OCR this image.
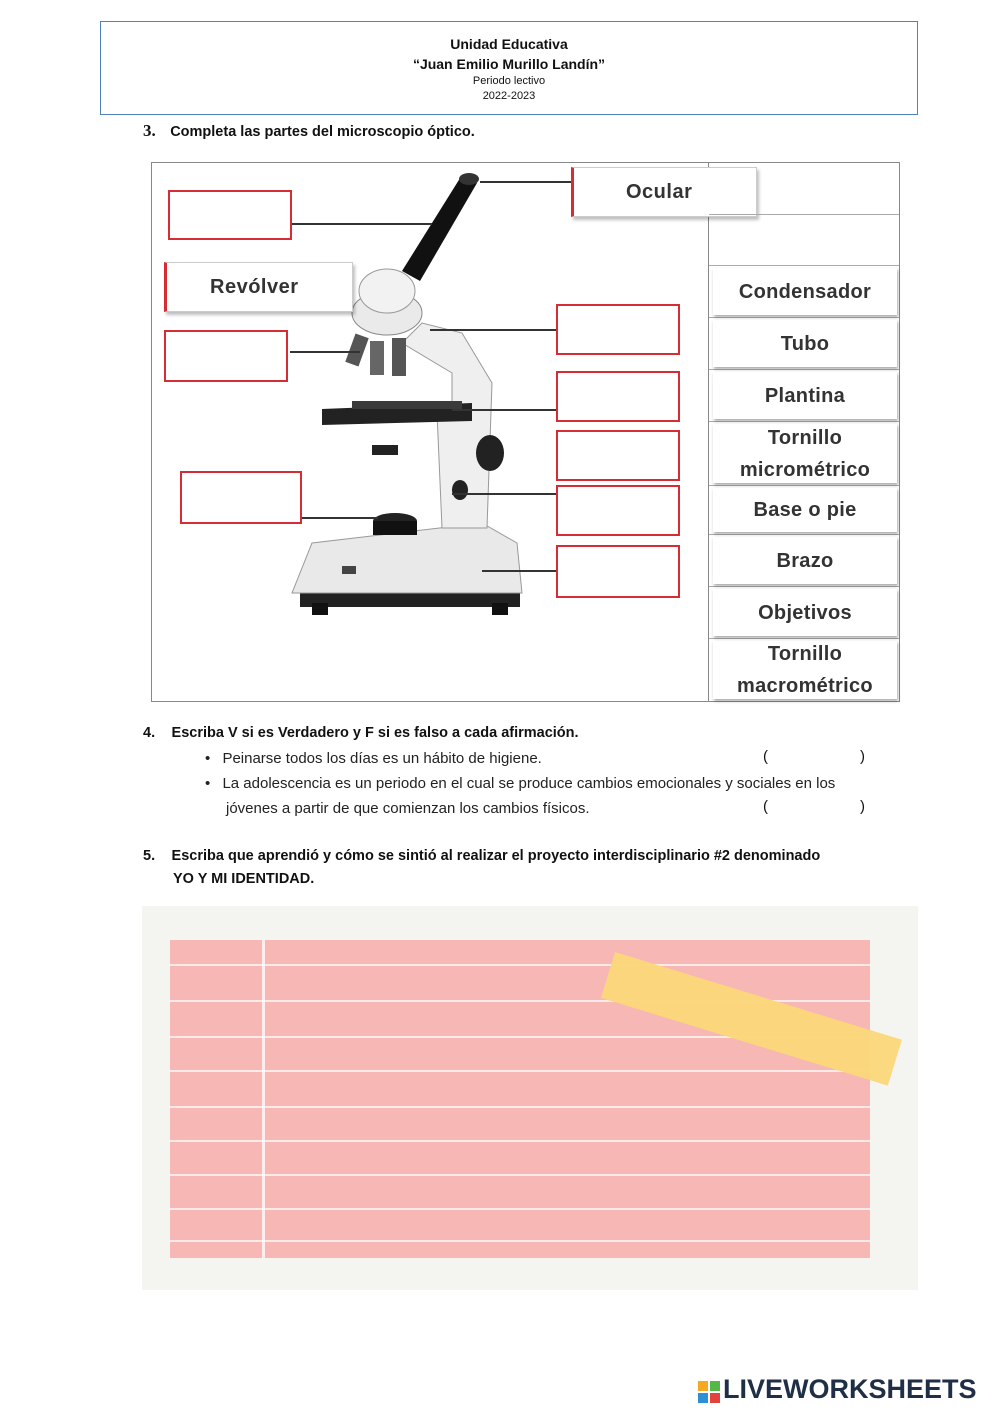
Unidad Educativa
“Juan Emilio Murillo Landín”
Periodo lectivo
2022-2023
3. Completa las partes del microscopio óptico.
Ocular
Revólver	Condensador
Tubo
Plantina
Tornillo
micrométrico
Base o pie
Brazo
Objetivos
Tornillo
macrométrico
4. Escriba V si es Verdadero y F si es falso a cada afirmación.
• Peinarse todos los días es un hábito de higiene.	(	)
• La adolescencia es un periodo en el cual se produce cambios emocionales y sociales en los
jóvenes a partir de que comienzan los cambios físicos.	(	)
5. Escriba que aprendió y cómo se sintió al realizar el proyecto interdisciplinario #2 denominado
YO Y MI IDENTIDAD.
LIVEWORKSHEETS
